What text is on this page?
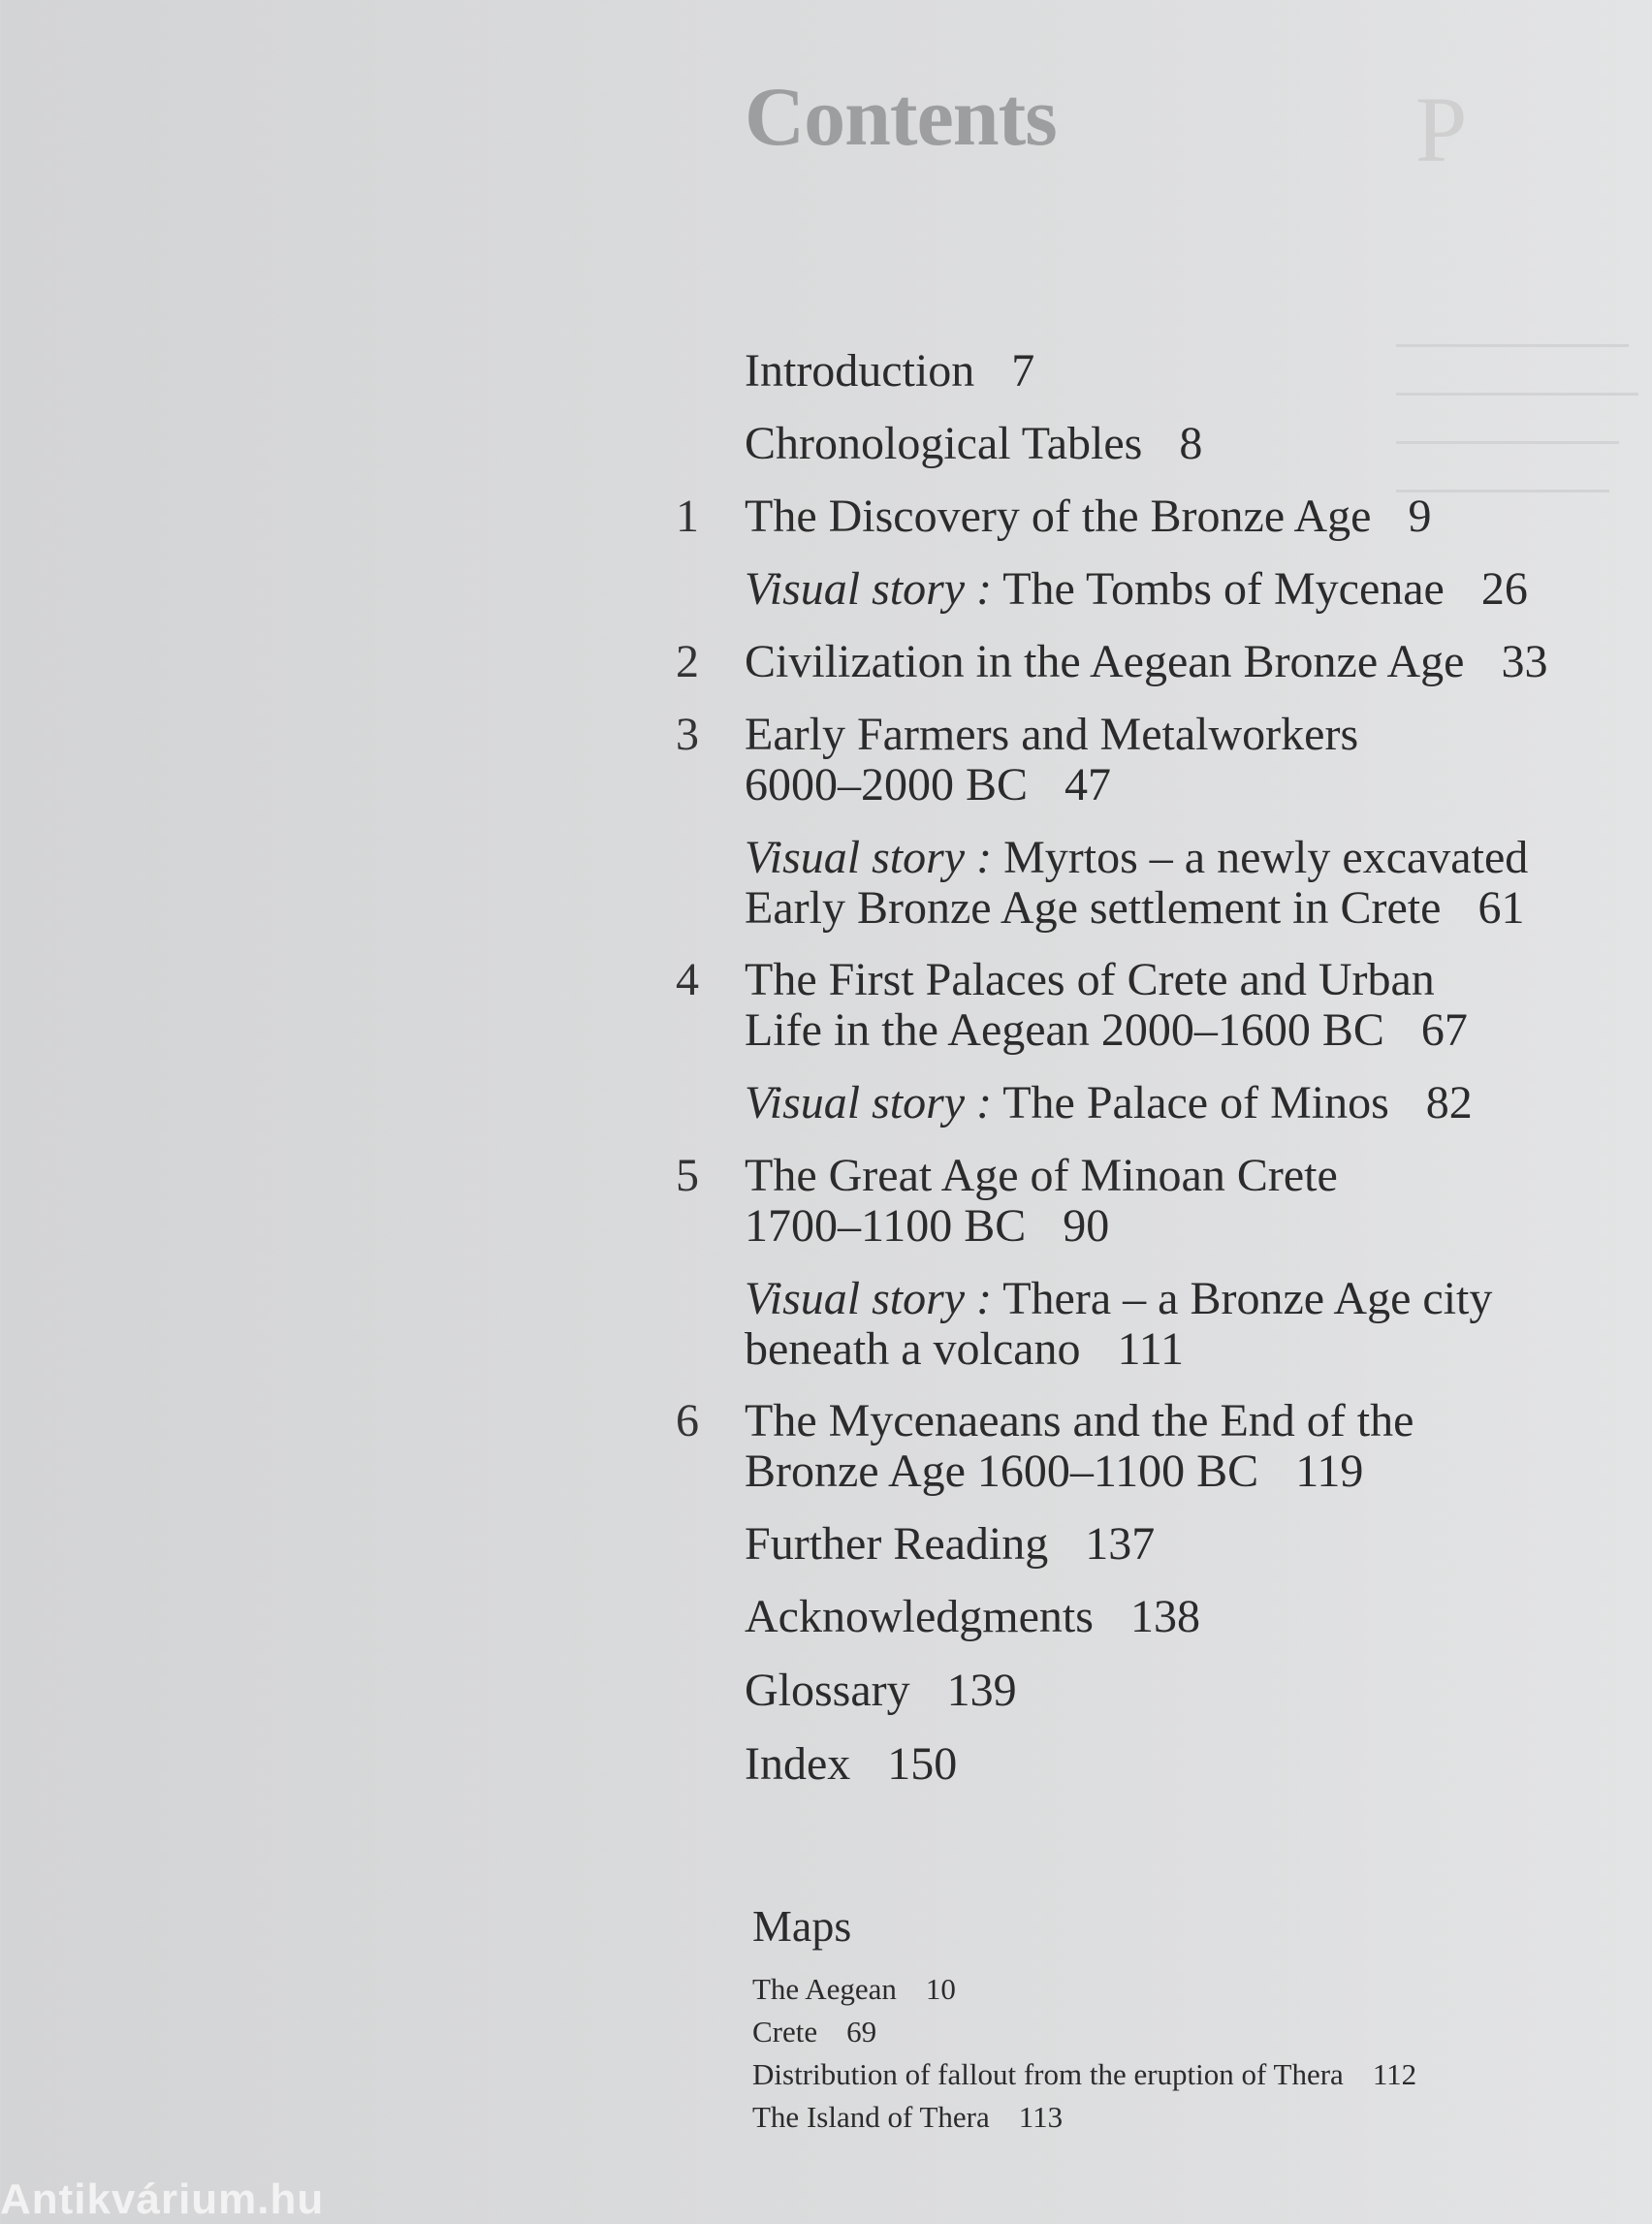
P
Contents
Introduction 7
Chronological Tables 8
1 The Discovery of the Bronze Age 9
Visual story : The Tombs of Mycenae 26
2 Civilization in the Aegean Bronze Age 33
3 Early Farmers and Metalworkers
6000–2000 BC 47
Visual story : Myrtos – a newly excavated
Early Bronze Age settlement in Crete 61
4 The First Palaces of Crete and Urban
Life in the Aegean 2000–1600 BC 67
Visual story : The Palace of Minos 82
5 The Great Age of Minoan Crete
1700–1100 BC 90
Visual story : Thera – a Bronze Age city
beneath a volcano 111
6 The Mycenaeans and the End of the
Bronze Age 1600–1100 BC 119
Further Reading 137
Acknowledgments 138
Glossary 139
Index 150
Maps
The Aegean 10
Crete 69
Distribution of fallout from the eruption of Thera 112
The Island of Thera 113
Antikvárium.hu
